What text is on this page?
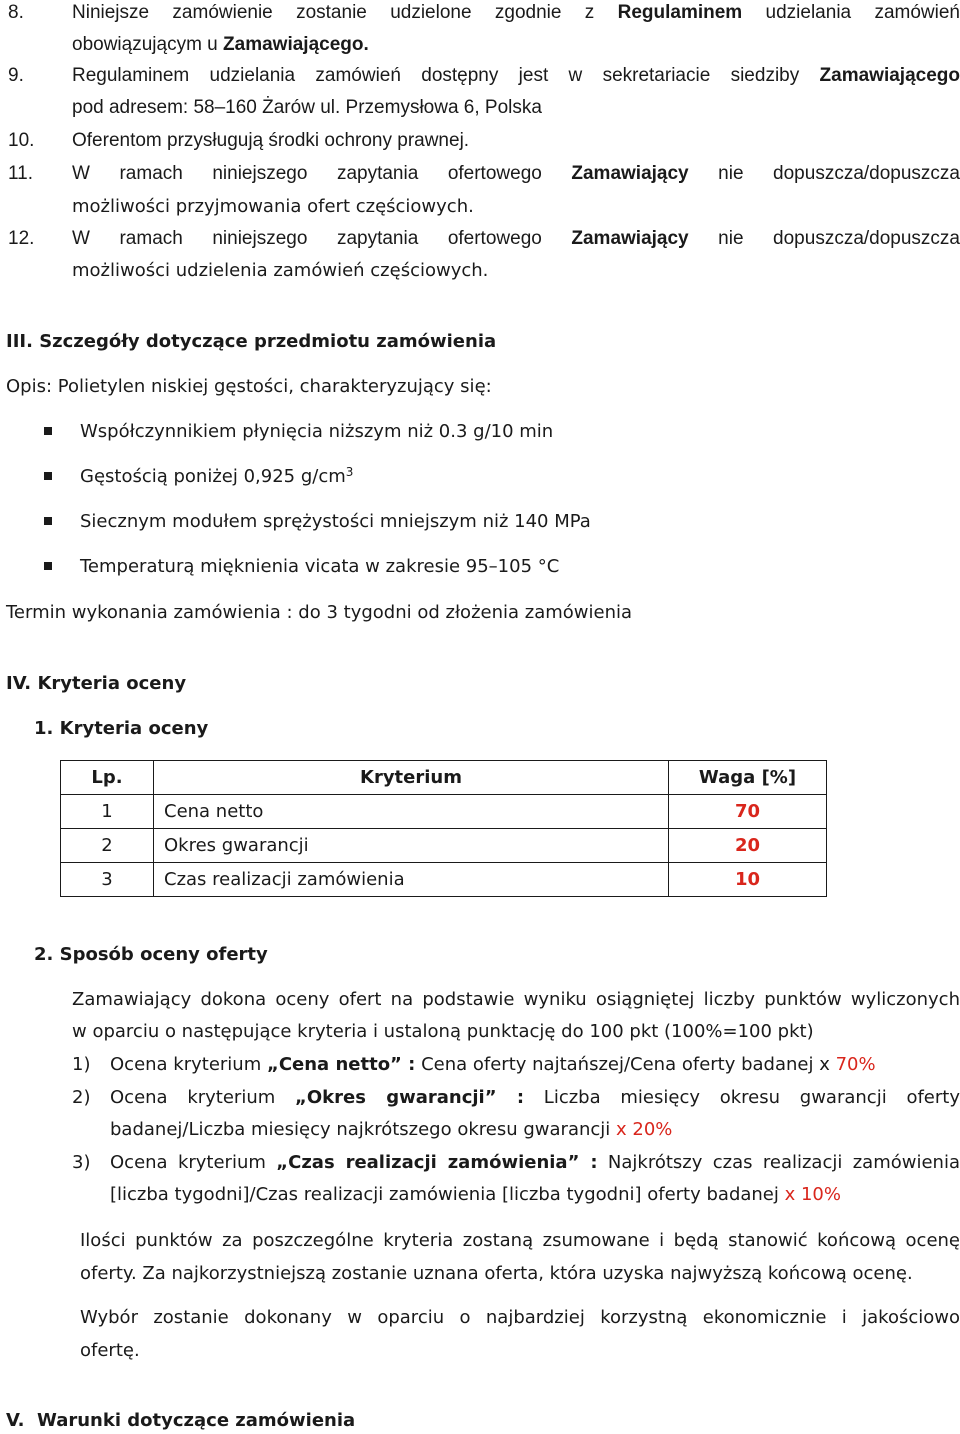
8.	Niniejsze zamówienie zostanie udzielone zgodnie z Regulaminem udzielania zamówień
obowiązującym u Zamawiającego.
9.	Regulaminem udzielania zamówień dostępny jest w sekretariacie siedziby Zamawiającego
pod adresem: 58–160 Żarów ul. Przemysłowa 6, Polska
10.	Oferentom przysługują środki ochrony prawnej.
11.	W ramach niniejszego zapytania ofertowego Zamawiający nie dopuszcza/dopuszcza
możliwości przyjmowania ofert częściowych.
12.	W ramach niniejszego zapytania ofertowego Zamawiający nie dopuszcza/dopuszcza
możliwości udzielenia zamówień częściowych.
III. Szczegóły dotyczące przedmiotu zamówienia
Opis: Polietylen niskiej gęstości, charakteryzujący się:
Współczynnikiem płynięcia niższym niż 0.3 g/10 min
Gęstością poniżej 0,925 $g/cm^3$
Siecznym modułem sprężystości mniejszym niż 140 MPa
Temperaturą mięknienia vicata w zakresie 95–105 °C
Termin wykonania zamówienia : do 3 tygodni od złożenia zamówienia
IV. Kryteria oceny
1. Kryteria oceny
Lp.	Kryterium	Waga [%]
1	Cena netto	70
2	Okres gwarancji	20
3	Czas realizacji zamówienia	10
2. Sposób oceny oferty
Zamawiający dokona oceny ofert na podstawie wyniku osiągniętej liczby punktów wyliczonych
w oparciu o następujące kryteria i ustaloną punktację do 100 pkt (100%=100 pkt)
1) Ocena kryterium „Cena netto” : Cena oferty najtańszej/Cena oferty badanej x 70%
2) Ocena kryterium „Okres gwarancji” : Liczba miesięcy okresu gwarancji oferty
badanej/Liczba miesięcy najkrótszego okresu gwarancji x 20%
3) Ocena kryterium „Czas realizacji zamówienia” : Najkrótszy czas realizacji zamówienia
[liczba tygodni]/Czas realizacji zamówienia [liczba tygodni] oferty badanej x 10%
Ilości punktów za poszczególne kryteria zostaną zsumowane i będą stanowić końcową ocenę
oferty. Za najkorzystniejszą zostanie uznana oferta, która uzyska najwyższą końcową ocenę.
Wybór zostanie dokonany w oparciu o najbardziej korzystną ekonomicznie i jakościowo
ofertę.
V. Warunki dotyczące zamówienia
